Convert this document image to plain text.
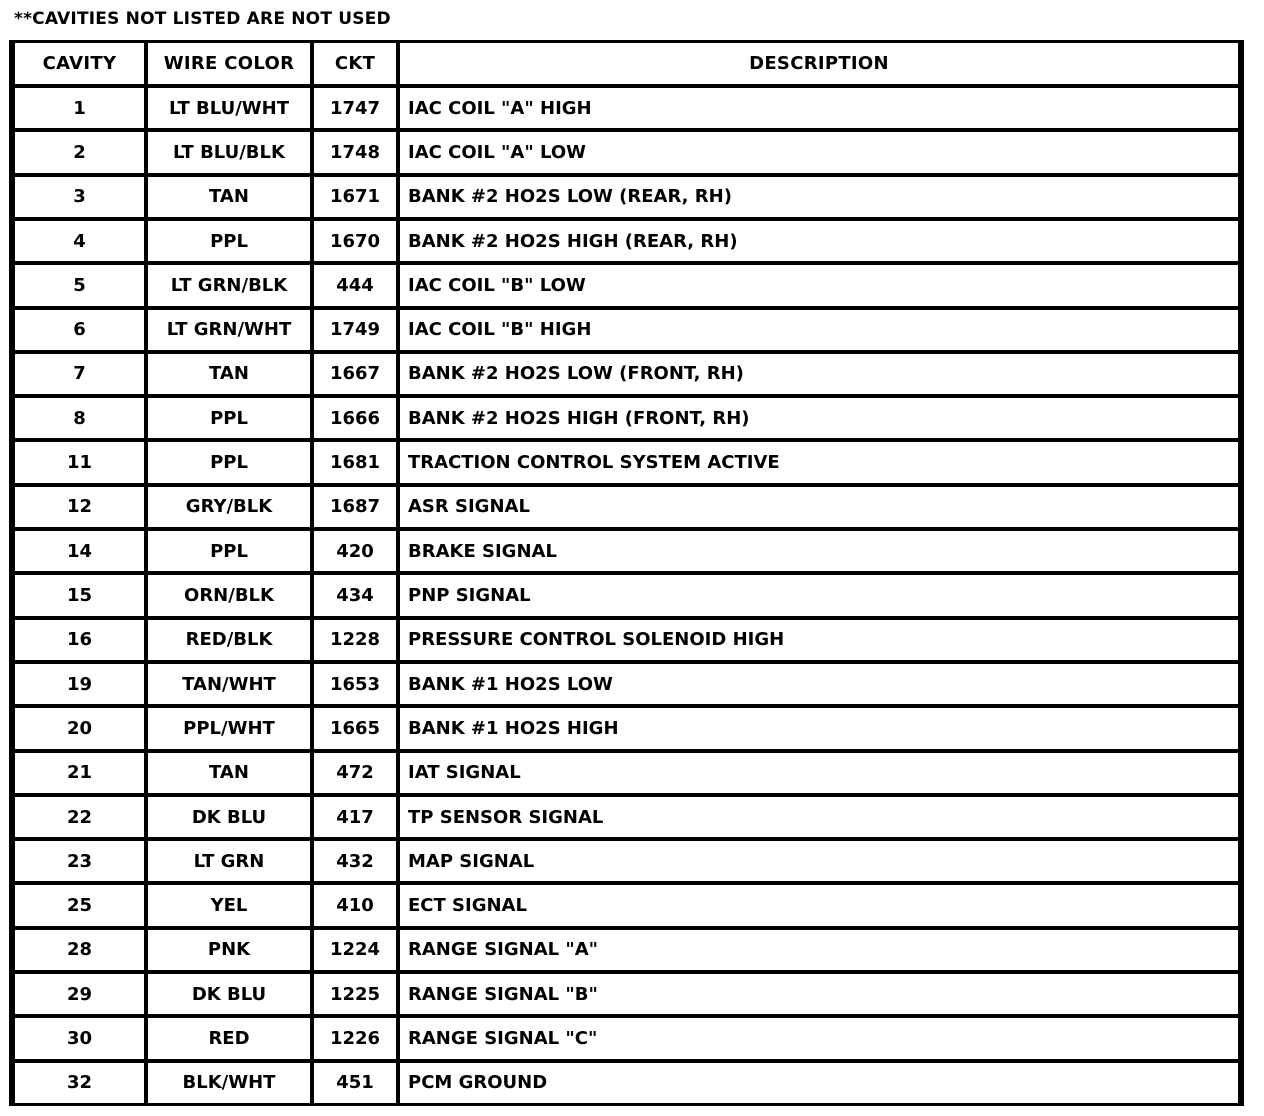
**CAVITIES NOT LISTED ARE NOT USED
CAVITY	WIRE COLOR	CKT	DESCRIPTION
1	LT BLU/WHT	1747	IAC COIL "A" HIGH
2	LT BLU/BLK	1748	IAC COIL "A" LOW
3	TAN	1671	BANK #2 HO2S LOW (REAR, RH)
4	PPL	1670	BANK #2 HO2S HIGH (REAR, RH)
5	LT GRN/BLK	444	IAC COIL "B" LOW
6	LT GRN/WHT	1749	IAC COIL "B" HIGH
7	TAN	1667	BANK #2 HO2S LOW (FRONT, RH)
8	PPL	1666	BANK #2 HO2S HIGH (FRONT, RH)
11	PPL	1681	TRACTION CONTROL SYSTEM ACTIVE
12	GRY/BLK	1687	ASR SIGNAL
14	PPL	420	BRAKE SIGNAL
15	ORN/BLK	434	PNP SIGNAL
16	RED/BLK	1228	PRESSURE CONTROL SOLENOID HIGH
19	TAN/WHT	1653	BANK #1 HO2S LOW
20	PPL/WHT	1665	BANK #1 HO2S HIGH
21	TAN	472	IAT SIGNAL
22	DK BLU	417	TP SENSOR SIGNAL
23	LT GRN	432	MAP SIGNAL
25	YEL	410	ECT SIGNAL
28	PNK	1224	RANGE SIGNAL "A"
29	DK BLU	1225	RANGE SIGNAL "B"
30	RED	1226	RANGE SIGNAL "C"
32	BLK/WHT	451	PCM GROUND
